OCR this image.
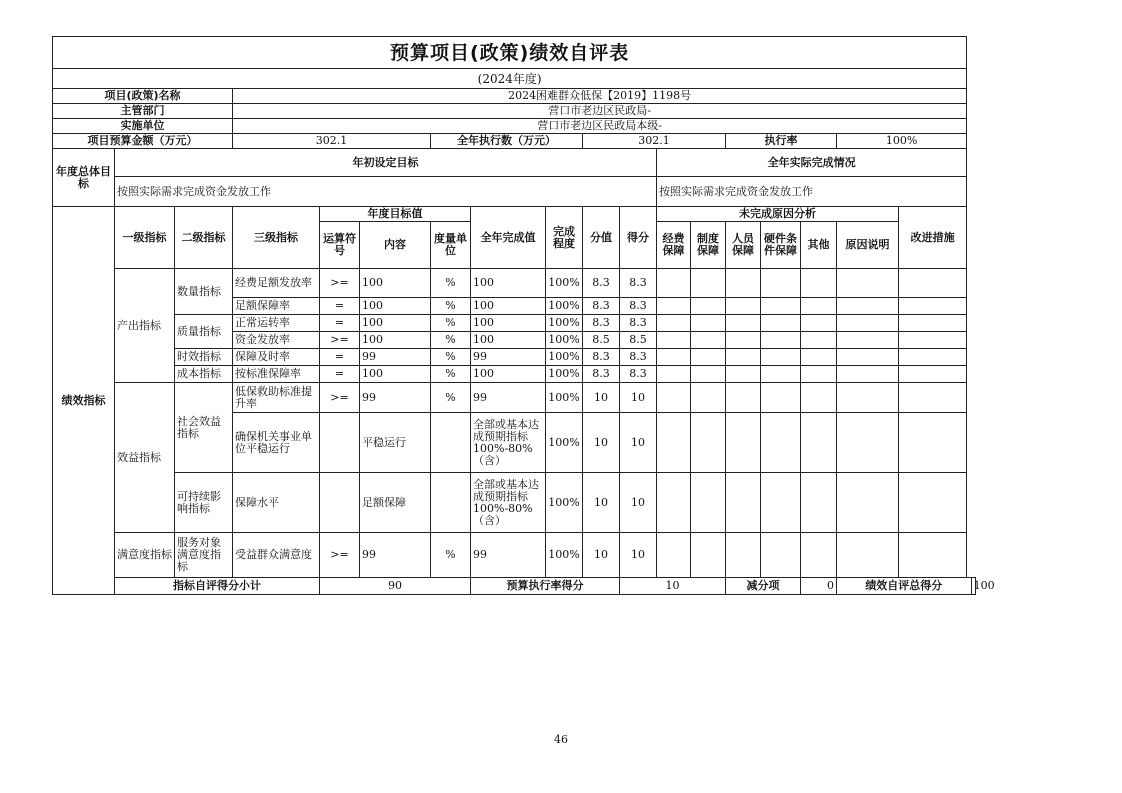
预算项目(政策)绩效自评表																		
(2024年度)																		
项目(政策)名称			2024困难群众低保【2019】1198号															
主管部门			营口市老边区民政局-															
实施单位			营口市老边区民政局本级-															
项目预算金额（万元）			302.1			全年执行数（万元）			302.1				执行率			100%		
年度总体目标	年初设定目标										全年实际完成情况							
	按照实际需求完成资金发放工作										按照实际需求完成资金发放工作							
绩效指标	一级指标	二级指标	三级指标	年度目标值			全年完成值	完成程度	分值	得分	未完成原因分析						改进措施	
				运算符号	内容	度量单位					经费保障	制度保障	人员保障	硬件条件保障	其他	原因说明		
	产出指标	数量指标	经费足额发放率	>=	100	%	100	100%	8.3	8.3								
			足额保障率	=	100	%	100	100%	8.3	8.3								
		质量指标	正常运转率	=	100	%	100	100%	8.3	8.3								
			资金发放率	>=	100	%	100	100%	8.5	8.5								
		时效指标	保障及时率	=	99	%	99	100%	8.3	8.3								
		成本指标	按标准保障率	=	100	%	100	100%	8.3	8.3								
	效益指标	社会效益指标	低保救助标准提升率	>=	99	%	99	100%	10	10								
			确保机关事业单位平稳运行		平稳运行		全部或基本达成预期指标100%-80%（含）	100%	10	10								
		可持续影响指标	保障水平		足额保障		全部或基本达成预期指标100%-80%（含）	100%	10	10								
	满意度指标	服务对象满意度指标	受益群众满意度	>=	99	%	99	100%	10	10								
	指标自评得分小计			90			预算执行率得分			10			减分项		0	绩效自评总得分		100
46
